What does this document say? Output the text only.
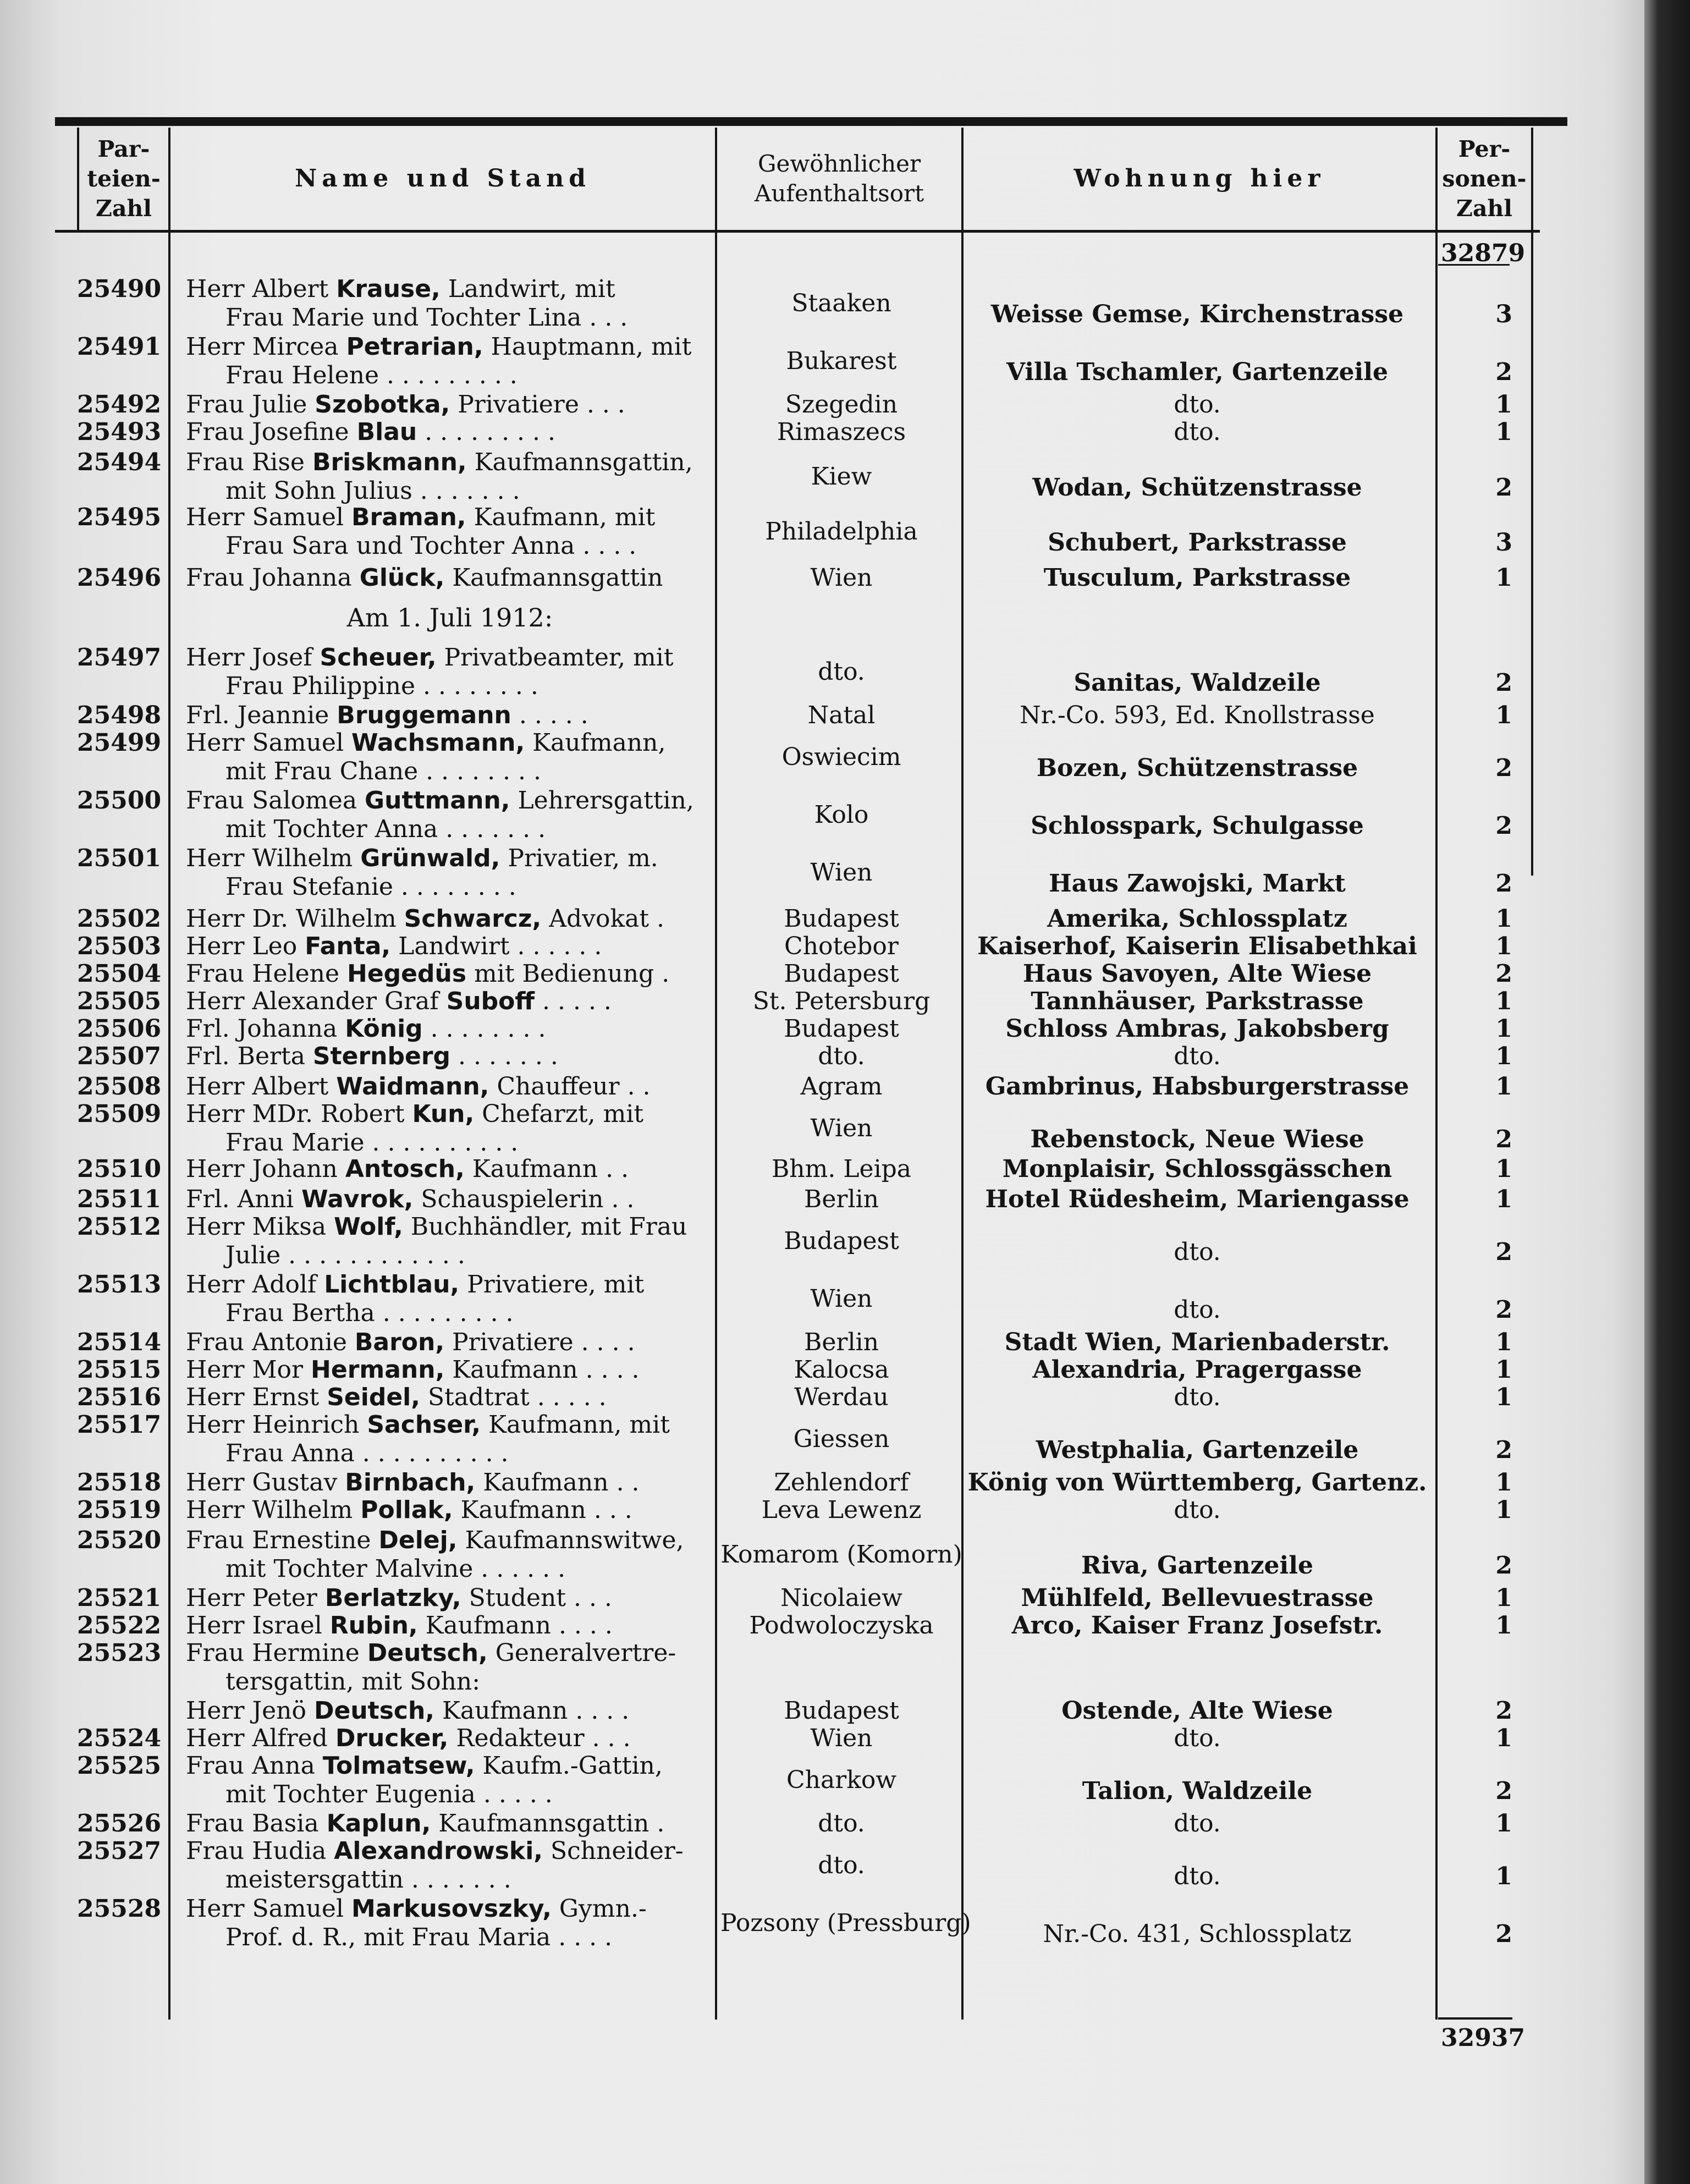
Par-
teien-
Zahl
Name und Stand
Gewöhnlicher
Aufenthaltsort
Wohnung hier
Per-
sonen-
Zahl
32879
32937
Am 1. Juli 1912:
25490 Herr Albert Krause, Landwirt, mit
Frau Marie und Tochter Lina . . .
Staaken	Weisse Gemse, Kirchenstrasse	3
25491 Herr Mircea Petrarian, Hauptmann, mit
Frau Helene . . . . . . . . .
Bukarest	Villa Tschamler, Gartenzeile	2
25492 Frau Julie Szobotka, Privatiere . . .	Szegedin	dto.	1
25493 Frau Josefine Blau . . . . . . . . .	Rimaszecs	dto.	1
25494 Frau Rise Briskmann, Kaufmannsgattin,
mit Sohn Julius . . . . . . .
Kiew	Wodan, Schützenstrasse	2
25495 Herr Samuel Braman, Kaufmann, mit
Frau Sara und Tochter Anna . . . .
Philadelphia	Schubert, Parkstrasse	3
25496 Frau Johanna Glück, Kaufmannsgattin	Wien	Tusculum, Parkstrasse	1
25497 Herr Josef Scheuer, Privatbeamter, mit
Frau Philippine . . . . . . . .
dto.	Sanitas, Waldzeile	2
25498 Frl. Jeannie Bruggemann . . . . .	Natal	Nr.-Co. 593, Ed. Knollstrasse	1
25499 Herr Samuel Wachsmann, Kaufmann,
mit Frau Chane . . . . . . . .
Oswiecim	Bozen, Schützenstrasse	2
25500 Frau Salomea Guttmann, Lehrersgattin,
mit Tochter Anna . . . . . . .
Kolo	Schlosspark, Schulgasse	2
25501 Herr Wilhelm Grünwald, Privatier, m.
Frau Stefanie . . . . . . . .
Wien	Haus Zawojski, Markt	2
25502 Herr Dr. Wilhelm Schwarcz, Advokat .	Budapest	Amerika, Schlossplatz	1
25503 Herr Leo Fanta, Landwirt . . . . . .	Chotebor	Kaiserhof, Kaiserin Elisabethkai	1
25504 Frau Helene Hegedüs mit Bedienung .	Budapest	Haus Savoyen, Alte Wiese	2
25505 Herr Alexander Graf Suboff . . . . .	St. Petersburg	Tannhäuser, Parkstrasse	1
25506 Frl. Johanna König . . . . . . . .	Budapest	Schloss Ambras, Jakobsberg	1
25507 Frl. Berta Sternberg . . . . . . .	dto.	dto.	1
25508 Herr Albert Waidmann, Chauffeur . .	Agram	Gambrinus, Habsburgerstrasse	1
25509 Herr MDr. Robert Kun, Chefarzt, mit
Frau Marie . . . . . . . . . .
Wien	Rebenstock, Neue Wiese	2
25510 Herr Johann Antosch, Kaufmann . .	Bhm. Leipa	Monplaisir, Schlossgässchen	1
25511 Frl. Anni Wavrok, Schauspielerin . .	Berlin	Hotel Rüdesheim, Mariengasse	1
25512 Herr Miksa Wolf, Buchhändler, mit Frau
Julie . . . . . . . . . . . .
Budapest	dto.	2
25513 Herr Adolf Lichtblau, Privatiere, mit
Frau Bertha . . . . . . . . .
Wien	dto.	2
25514 Frau Antonie Baron, Privatiere . . . .	Berlin	Stadt Wien, Marienbaderstr.	1
25515 Herr Mor Hermann, Kaufmann . . . .	Kalocsa	Alexandria, Pragergasse	1
25516 Herr Ernst Seidel, Stadtrat . . . . .	Werdau	dto.	1
25517 Herr Heinrich Sachser, Kaufmann, mit
Frau Anna . . . . . . . . . .
Giessen	Westphalia, Gartenzeile	2
25518 Herr Gustav Birnbach, Kaufmann . .	Zehlendorf	König von Württemberg, Gartenz.	1
25519 Herr Wilhelm Pollak, Kaufmann . . .	Leva Lewenz	dto.	1
25520 Frau Ernestine Delej, Kaufmannswitwe,
mit Tochter Malvine . . . . . .
Komarom (Komorn)	Riva, Gartenzeile	2
25521 Herr Peter Berlatzky, Student . . .	Nicolaiew	Mühlfeld, Bellevuestrasse	1
25522 Herr Israel Rubin, Kaufmann . . . .	Podwoloczyska	Arco, Kaiser Franz Josefstr.	1
25523 Frau Hermine Deutsch, Generalvertre-
tersgattin, mit Sohn:
Herr Jenö Deutsch, Kaufmann . . . .	Budapest	Ostende, Alte Wiese	2
25524 Herr Alfred Drucker, Redakteur . . .	Wien	dto.	1
25525 Frau Anna Tolmatsew, Kaufm.-Gattin,
mit Tochter Eugenia . . . . .
Charkow	Talion, Waldzeile	2
25526 Frau Basia Kaplun, Kaufmannsgattin .	dto.	dto.	1
25527 Frau Hudia Alexandrowski, Schneider-
meistersgattin . . . . . . .
dto.	dto.	1
25528 Herr Samuel Markusovszky, Gymn.-
Prof. d. R., mit Frau Maria . . . .
Pozsony (Pressburg)	Nr.-Co. 431, Schlossplatz	2
